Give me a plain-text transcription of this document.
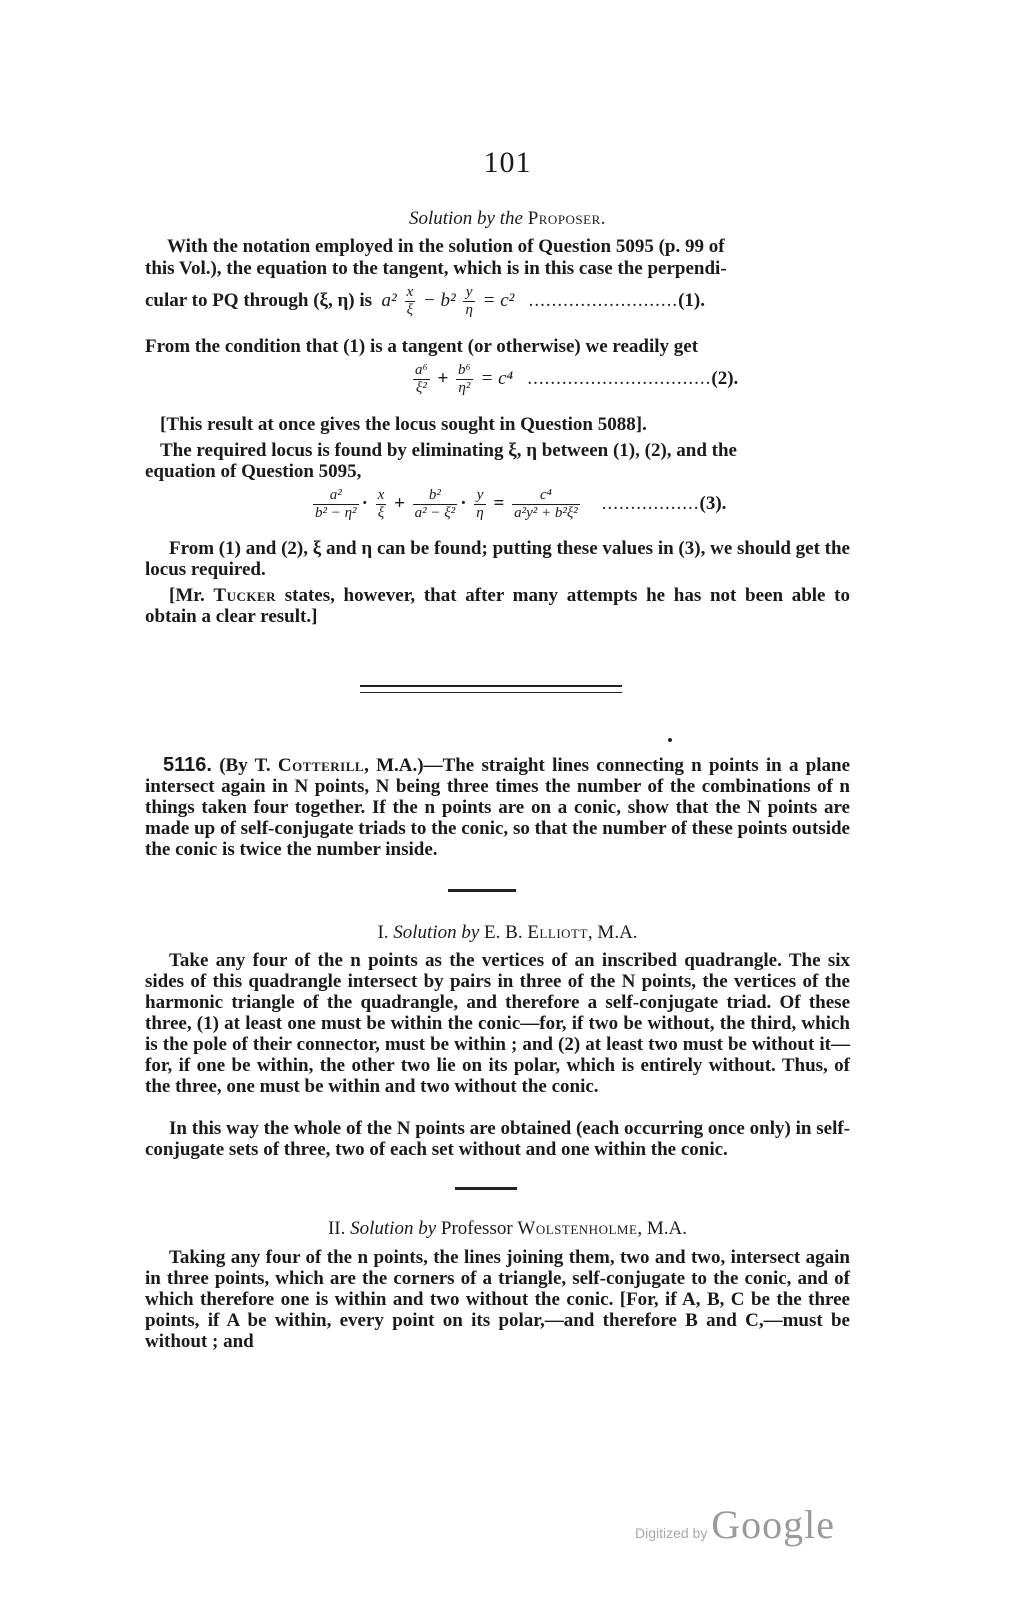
101
Solution by the Proposer.
With the notation employed in the solution of Question 5095 (p. 99 of
this Vol.), the equation to the tangent, which is in this case the perpendi-
cular to PQ through (ξ, η) is $a^2 \frac{x}{\xi} - b^2 \frac{y}{\eta} = c^2$ ..........................(1).
From the condition that (1) is a tangent (or otherwise) we readily get
$\frac{\text{a⁶}}{\text{ξ²}} + \frac{\text{b⁶}}{\text{η²}} = c^4$ ................................(2).
[This result at once gives the locus sought in Question 5088].
The required locus is found by eliminating ξ, η between (1), (2), and the
equation of Question 5095,
$\frac{\text{a²}}{\text{b² − η²}} \cdot \frac{x}{\xi} + \frac{\text{b²}}{\text{a² − ξ²}} \cdot \frac{y}{\eta} = \frac{\text{c⁴}}{\text{a²y² + b²ξ²}} .................(3)$.
From (1) and (2), ξ and η can be found; putting these values in (3), we should get the locus required.
[Mr. Tucker states, however, that after many attempts he has not been able to obtain a clear result.]
5116. (By T. Cotterill, M.A.)—The straight lines connecting n points in a plane intersect again in N points, N being three times the number of the combinations of n things taken four together. If the n points are on a conic, show that the N points are made up of self-conjugate triads to the conic, so that the number of these points outside the conic is twice the number inside.
I. Solution by E. B. Elliott, M.A.
Take any four of the n points as the vertices of an inscribed quadrangle. The six sides of this quadrangle intersect by pairs in three of the N points, the vertices of the harmonic triangle of the quadrangle, and therefore a self-conjugate triad. Of these three, (1) at least one must be within the conic—for, if two be without, the third, which is the pole of their connector, must be within ; and (2) at least two must be without it—for, if one be within, the other two lie on its polar, which is entirely without. Thus, of the three, one must be within and two without the conic.
In this way the whole of the N points are obtained (each occurring once only) in self-conjugate sets of three, two of each set without and one within the conic.
II. Solution by Professor Wolstenholme, M.A.
Taking any four of the n points, the lines joining them, two and two, intersect again in three points, which are the corners of a triangle, self-conjugate to the conic, and of which therefore one is within and two without the conic. [For, if A, B, C be the three points, if A be within, every point on its polar,—and therefore B and C,—must be without ; and
Digitized by Google
